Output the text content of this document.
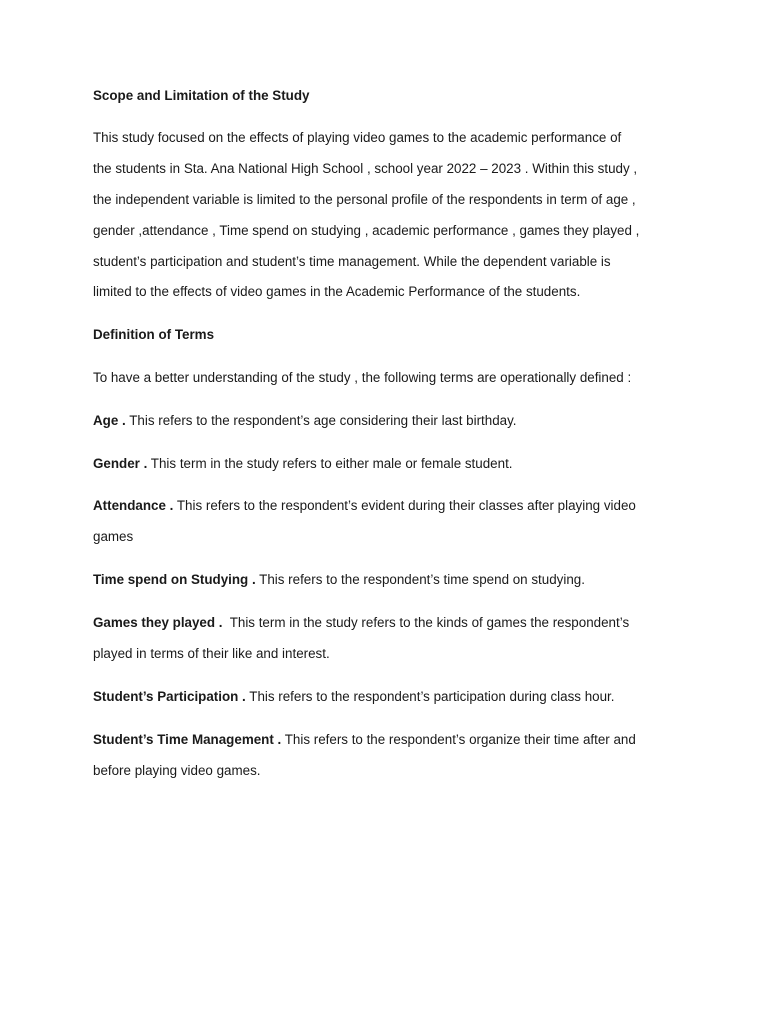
Scope and Limitation of the Study
This study focused on the effects of playing video games to the academic performance of
the students in Sta. Ana National High School , school year 2022 – 2023 . Within this study ,
the independent variable is limited to the personal profile of the respondents in term of age ,
gender ,attendance , Time spend on studying , academic performance , games they played ,
student’s participation and student’s time management. While the dependent variable is
limited to the effects of video games in the Academic Performance of the students.
Definition of Terms
To have a better understanding of the study , the following terms are operationally defined :
Age . This refers to the respondent’s age considering their last birthday.
Gender . This term in the study refers to either male or female student.
Attendance . This refers to the respondent’s evident during their classes after playing video
games
Time spend on Studying . This refers to the respondent’s time spend on studying.
Games they played .  This term in the study refers to the kinds of games the respondent’s
played in terms of their like and interest.
Student’s Participation . This refers to the respondent’s participation during class hour.
Student’s Time Management . This refers to the respondent’s organize their time after and
before playing video games.
